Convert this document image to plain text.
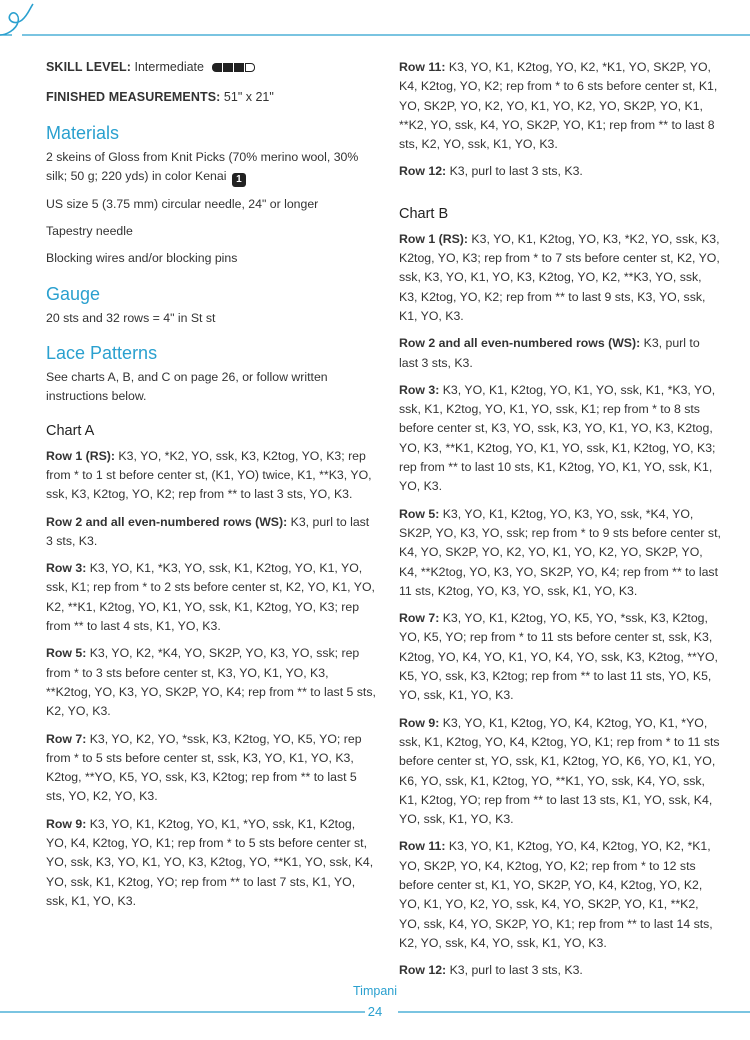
SKILL LEVEL: Intermediate

FINISHED MEASUREMENTS: 51" x 21"

Materials

2 skeins of Gloss from Knit Picks (70% merino wool, 30% silk; 50 g; 220 yds) in color Kenai 1

US size 5 (3.75 mm) circular needle, 24" or longer

Tapestry needle

Blocking wires and/or blocking pins

Gauge

20 sts and 32 rows = 4" in St st

Lace Patterns

See charts A, B, and C on page 26, or follow written instructions below.

Chart A

Row 1 (RS): K3, YO, *K2, YO, ssk, K3, K2tog, YO, K3; rep from * to 1 st before center st, (K1, YO) twice, K1, **K3, YO, ssk, K3, K2tog, YO, K2; rep from ** to last 3 sts, YO, K3.

Row 2 and all even-numbered rows (WS): K3, purl to last 3 sts, K3.

Row 3: K3, YO, K1, *K3, YO, ssk, K1, K2tog, YO, K1, YO, ssk, K1; rep from * to 2 sts before center st, K2, YO, K1, YO, K2, **K1, K2tog, YO, K1, YO, ssk, K1, K2tog, YO, K3; rep from ** to last 4 sts, K1, YO, K3.

Row 5: K3, YO, K2, *K4, YO, SK2P, YO, K3, YO, ssk; rep from * to 3 sts before center st, K3, YO, K1, YO, K3, **K2tog, YO, K3, YO, SK2P, YO, K4; rep from ** to last 5 sts, K2, YO, K3.

Row 7: K3, YO, K2, YO, *ssk, K3, K2tog, YO, K5, YO; rep from * to 5 sts before center st, ssk, K3, YO, K1, YO, K3, K2tog, **YO, K5, YO, ssk, K3, K2tog; rep from ** to last 5 sts, YO, K2, YO, K3.

Row 9: K3, YO, K1, K2tog, YO, K1, *YO, ssk, K1, K2tog, YO, K4, K2tog, YO, K1; rep from * to 5 sts before center st, YO, ssk, K3, YO, K1, YO, K3, K2tog, YO, **K1, YO, ssk, K4, YO, ssk, K1, K2tog, YO; rep from ** to last 7 sts, K1, YO, ssk, K1, YO, K3.

Row 11: K3, YO, K1, K2tog, YO, K2, *K1, YO, SK2P, YO, K4, K2tog, YO, K2; rep from * to 6 sts before center st, K1, YO, SK2P, YO, K2, YO, K1, YO, K2, YO, SK2P, YO, K1, **K2, YO, ssk, K4, YO, SK2P, YO, K1; rep from ** to last 8 sts, K2, YO, ssk, K1, YO, K3.

Row 12: K3, purl to last 3 sts, K3.

Chart B

Row 1 (RS): K3, YO, K1, K2tog, YO, K3, *K2, YO, ssk, K3, K2tog, YO, K3; rep from * to 7 sts before center st, K2, YO, ssk, K3, YO, K1, YO, K3, K2tog, YO, K2, **K3, YO, ssk, K3, K2tog, YO, K2; rep from ** to last 9 sts, K3, YO, ssk, K1, YO, K3.

Row 2 and all even-numbered rows (WS): K3, purl to last 3 sts, K3.

Row 3: K3, YO, K1, K2tog, YO, K1, YO, ssk, K1, *K3, YO, ssk, K1, K2tog, YO, K1, YO, ssk, K1; rep from * to 8 sts before center st, K3, YO, ssk, K3, YO, K1, YO, K3, K2tog, YO, K3, **K1, K2tog, YO, K1, YO, ssk, K1, K2tog, YO, K3; rep from ** to last 10 sts, K1, K2tog, YO, K1, YO, ssk, K1, YO, K3.

Row 5: K3, YO, K1, K2tog, YO, K3, YO, ssk, *K4, YO, SK2P, YO, K3, YO, ssk; rep from * to 9 sts before center st, K4, YO, SK2P, YO, K2, YO, K1, YO, K2, YO, SK2P, YO, K4, **K2tog, YO, K3, YO, SK2P, YO, K4; rep from ** to last 11 sts, K2tog, YO, K3, YO, ssk, K1, YO, K3.

Row 7: K3, YO, K1, K2tog, YO, K5, YO, *ssk, K3, K2tog, YO, K5, YO; rep from * to 11 sts before center st, ssk, K3, K2tog, YO, K4, YO, K1, YO, K4, YO, ssk, K3, K2tog, **YO, K5, YO, ssk, K3, K2tog; rep from ** to last 11 sts, YO, K5, YO, ssk, K1, YO, K3.

Row 9: K3, YO, K1, K2tog, YO, K4, K2tog, YO, K1, *YO, ssk, K1, K2tog, YO, K4, K2tog, YO, K1; rep from * to 11 sts before center st, YO, ssk, K1, K2tog, YO, K6, YO, K1, YO, K6, YO, ssk, K1, K2tog, YO, **K1, YO, ssk, K4, YO, ssk, K1, K2tog, YO; rep from ** to last 13 sts, K1, YO, ssk, K4, YO, ssk, K1, YO, K3.

Row 11: K3, YO, K1, K2tog, YO, K4, K2tog, YO, K2, *K1, YO, SK2P, YO, K4, K2tog, YO, K2; rep from * to 12 sts before center st, K1, YO, SK2P, YO, K4, K2tog, YO, K2, YO, K1, YO, K2, YO, ssk, K4, YO, SK2P, YO, K1, **K2, YO, ssk, K4, YO, SK2P, YO, K1; rep from ** to last 14 sts, K2, YO, ssk, K4, YO, ssk, K1, YO, K3.

Row 12: K3, purl to last 3 sts, K3.

Timpani
24
